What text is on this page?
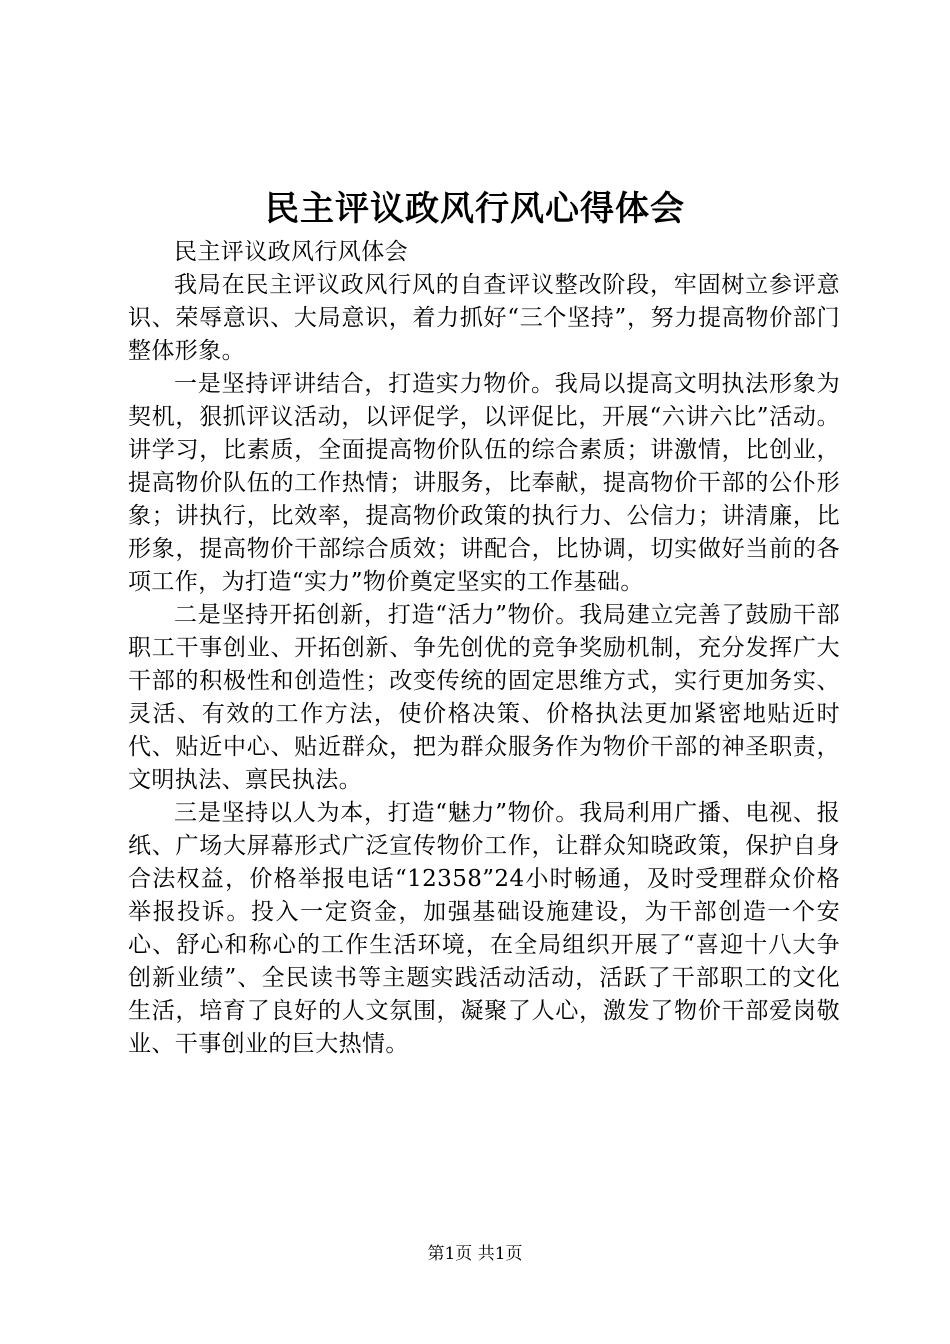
民主评议政风行风心得体会

民主评议政风行风体会

我局在民主评议政风行风的自查评议整改阶段，牢固树立参评意识、荣辱意识、大局意识，着力抓好“三个坚持”，努力提高物价部门整体形象。

一是坚持评讲结合，打造实力物价。我局以提高文明执法形象为契机，狠抓评议活动，以评促学，以评促比，开展“六讲六比”活动。讲学习，比素质，全面提高物价队伍的综合素质；讲激情，比创业，提高物价队伍的工作热情；讲服务，比奉献，提高物价干部的公仆形象；讲执行，比效率，提高物价政策的执行力、公信力；讲清廉，比形象，提高物价干部综合质效；讲配合，比协调，切实做好当前的各项工作，为打造“实力”物价奠定坚实的工作基础。

二是坚持开拓创新，打造“活力”物价。我局建立完善了鼓励干部职工干事创业、开拓创新、争先创优的竞争奖励机制，充分发挥广大干部的积极性和创造性；改变传统的固定思维方式，实行更加务实、灵活、有效的工作方法，使价格决策、价格执法更加紧密地贴近时代、贴近中心、贴近群众，把为群众服务作为物价干部的神圣职责，文明执法、禀民执法。

三是坚持以人为本，打造“魅力”物价。我局利用广播、电视、报纸、广场大屏幕形式广泛宣传物价工作，让群众知晓政策，保护自身合法权益，价格举报电话“12358”24小时畅通，及时受理群众价格举报投诉。投入一定资金，加强基础设施建设，为干部创造一个安心、舒心和称心的工作生活环境，在全局组织开展了“喜迎十八大争创新业绩”、全民读书等主题实践活动活动，活跃了干部职工的文化生活，培育了良好的人文氛围，凝聚了人心，激发了物价干部爱岗敬业、干事创业的巨大热情。

第1页 共1页
